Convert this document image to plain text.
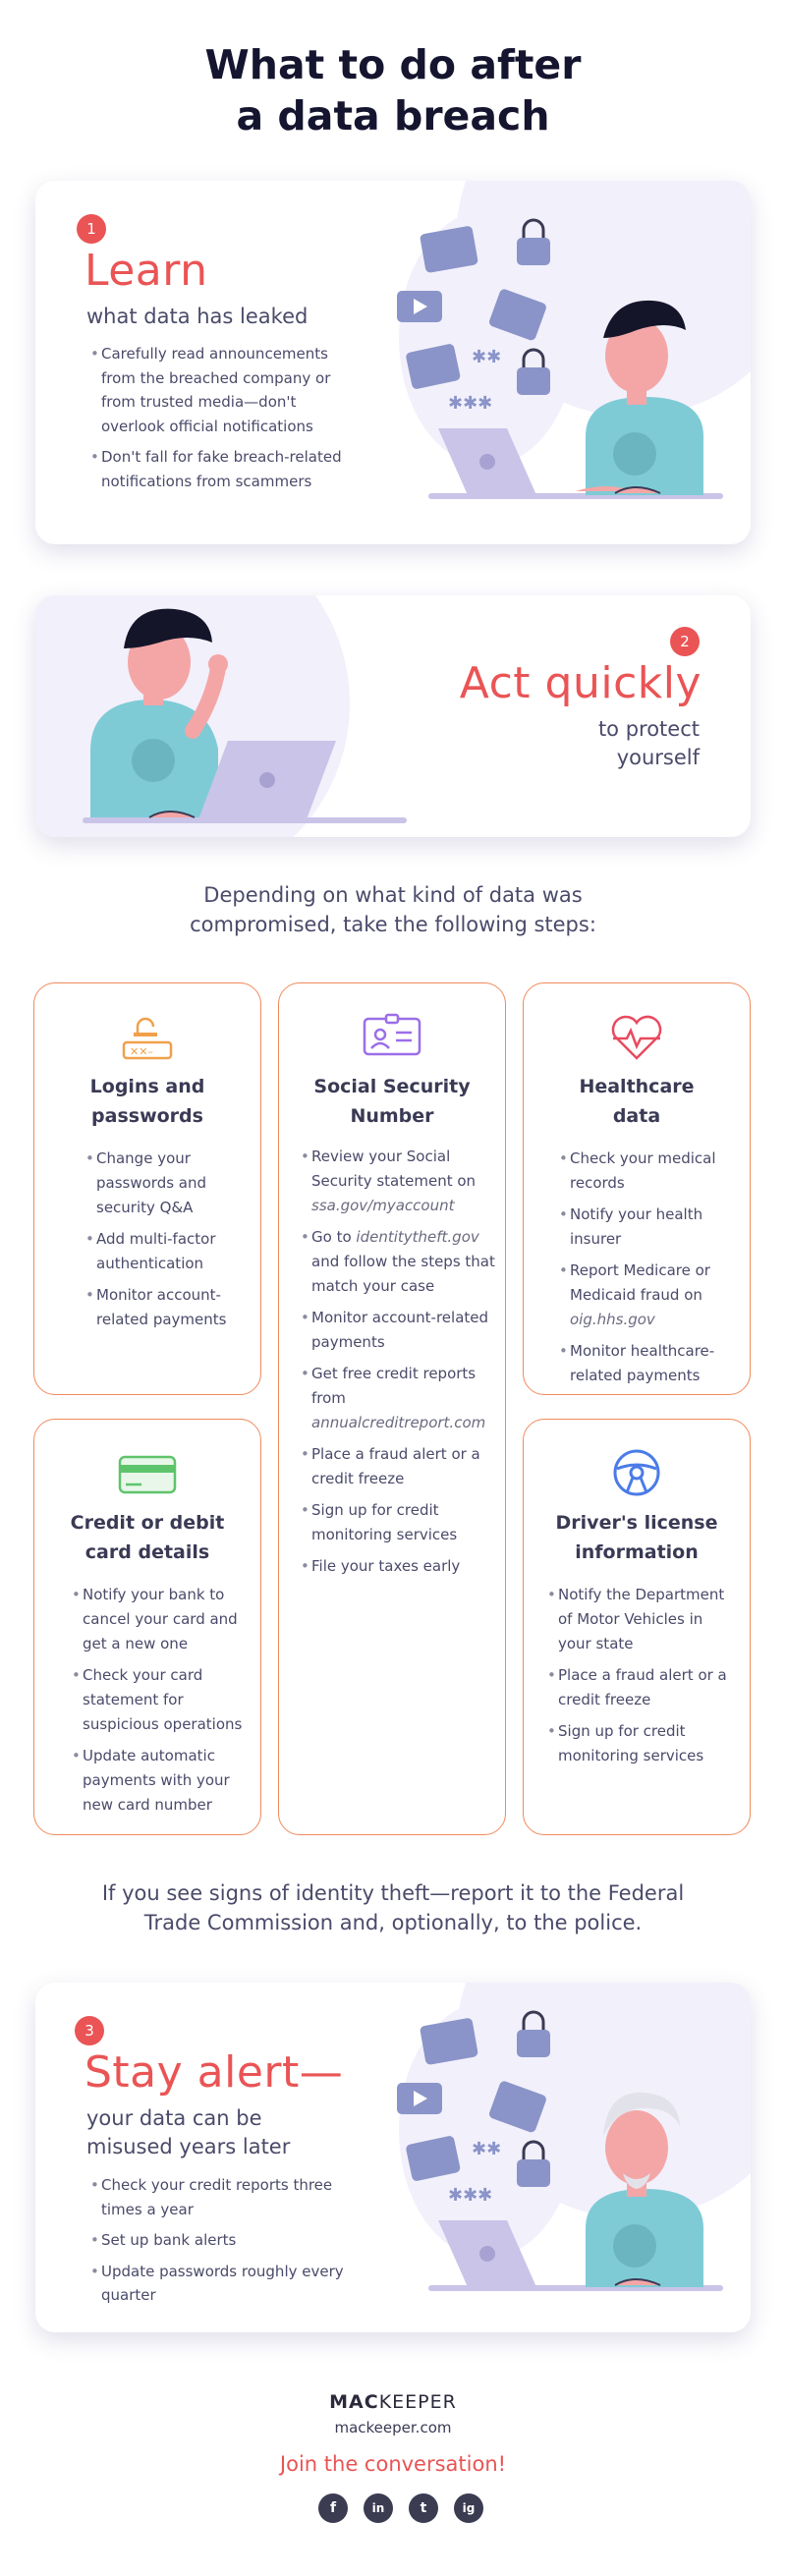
What to do after
a data breach
1
Learn
what data has leaked
• Carefully read announcements from the breached company or from trusted media—don't overlook official notifications
• Don't fall for fake breach-related notifications from scammers
✱✱
✱✱✱
2
Act quickly
to protect
yourself
Depending on what kind of data was
compromised, take the following steps:
✕✕–
Logins and
passwords
• Change your passwords and security Q&A
• Add multi-factor authentication
• Monitor account-related payments
Social Security
Number
• Review your Social Security statement on ssa.gov/myaccount
• Go to identitytheft.gov and follow the steps that match your case
• Monitor account-related payments
• Get free credit reports from annualcreditreport.com
• Place a fraud alert or a credit freeze
• Sign up for credit monitoring services
• File your taxes early
Healthcare
data
• Check your medical records
• Notify your health insurer
• Report Medicare or Medicaid fraud on oig.hhs.gov
• Monitor healthcare-related payments
Credit or debit
card details
• Notify your bank to cancel your card and get a new one
• Check your card statement for suspicious operations
• Update automatic payments with your new card number
Driver's license
information
• Notify the Department of Motor Vehicles in your state
• Place a fraud alert or a credit freeze
• Sign up for credit monitoring services
If you see signs of identity theft—report it to the Federal
Trade Commission and, optionally, to the police.
3
Stay alert—
your data can be
misused years later
• Check your credit reports three times a year
• Set up bank alerts
• Update passwords roughly every quarter
✱✱
✱✱✱
MACKEEPER
mackeeper.com
Join the conversation!
f	in	t	ig
